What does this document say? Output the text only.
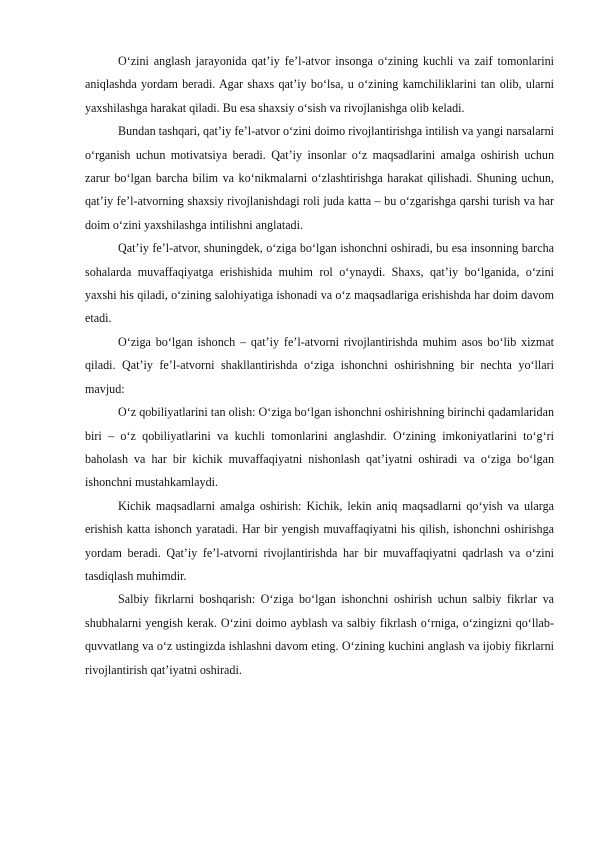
O‘zini anglash jarayonida qat’iy fe’l-atvor insonga o‘zining kuchli va zaif tomonlarini aniqlashda yordam beradi. Agar shaxs qat’iy bo‘lsa, u o‘zining kamchiliklarini tan olib, ularni yaxshilashga harakat qiladi. Bu esa shaxsiy o‘sish va rivojlanishga olib keladi.

Bundan tashqari, qat’iy fe’l-atvor o‘zini doimo rivojlantirishga intilish va yangi narsalarni o‘rganish uchun motivatsiya beradi. Qat’iy insonlar o‘z maqsadlarini amalga oshirish uchun zarur bo‘lgan barcha bilim va ko‘nikmalarni o‘zlashtirishga harakat qilishadi. Shuning uchun, qat’iy fe’l-atvorning shaxsiy rivojlanishdagi roli juda katta – bu o‘zgarishga qarshi turish va har doim o‘zini yaxshilashga intilishni anglatadi.

Qat’iy fe’l-atvor, shuningdek, o‘ziga bo‘lgan ishonchni oshiradi, bu esa insonning barcha sohalarda muvaffaqiyatga erishishida muhim rol o‘ynaydi. Shaxs, qat’iy bo‘lganida, o‘zini yaxshi his qiladi, o‘zining salohiyatiga ishonadi va o‘z maqsadlariga erishishda har doim davom etadi.

O‘ziga bo‘lgan ishonch – qat’iy fe’l-atvorni rivojlantirishda muhim asos bo‘lib xizmat qiladi. Qat’iy fe’l-atvorni shakllantirishda o‘ziga ishonchni oshirishning bir nechta yo‘llari mavjud:

O‘z qobiliyatlarini tan olish: O‘ziga bo‘lgan ishonchni oshirishning birinchi qadamlaridan biri – o‘z qobiliyatlarini va kuchli tomonlarini anglashdir. O‘zining imkoniyatlarini to‘g‘ri baholash va har bir kichik muvaffaqiyatni nishonlash qat’iyatni oshiradi va o‘ziga bo‘lgan ishonchni mustahkamlaydi.

Kichik maqsadlarni amalga oshirish: Kichik, lekin aniq maqsadlarni qo‘yish va ularga erishish katta ishonch yaratadi. Har bir yengish muvaffaqiyatni his qilish, ishonchni oshirishga yordam beradi. Qat’iy fe’l-atvorni rivojlantirishda har bir muvaffaqiyatni qadrlash va o‘zini tasdiqlash muhimdir.

Salbiy fikrlarni boshqarish: O‘ziga bo‘lgan ishonchni oshirish uchun salbiy fikrlar va shubhalarni yengish kerak. O‘zini doimo ayblash va salbiy fikrlash o‘rniga, o‘zingizni qo‘llab-quvvatlang va o‘z ustingizda ishlashni davom eting. O‘zining kuchini anglash va ijobiy fikrlarni rivojlantirish qat’iyatni oshiradi.
